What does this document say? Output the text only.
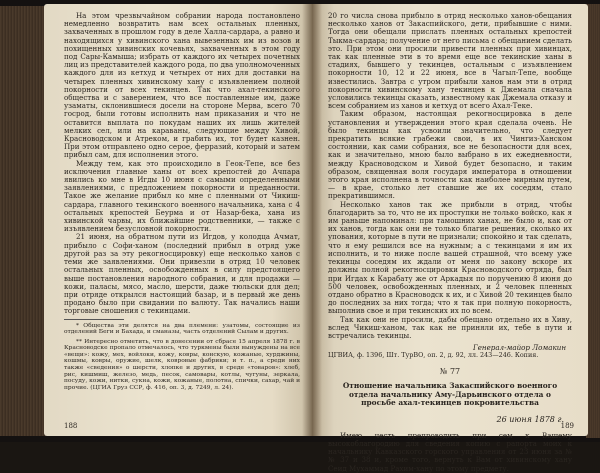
На этом чрезвычайном собрании народа постановлено немедленно возвратить нам всех остальных пленных, захваченных в прошлом году в деле Халла-сардара, а равно и находящихся у хивинского хана вывезенных им из возов и похищенных хивинских кочевьях, захваченных в этом году под Сары-Камыша; избрать от каждого их четырех почетных лиц из представителей каждого рода, по два уполномоченных каждого для из кетхуд и четырех от них для доставки на четырех пленных хивинскому хану с изъявлением полной покорности от всех текинцев. Так что ахал-текинского общества и с заверением, что все поставленные им, даже узаматы, склонившиеся досели на стороне Мерва, всего 70 госрод, были готовы исполнить нам приказания и что не оставится выплата по покудам наших их лишь жителей мелких сел, или на караваны, следующие между Хивой, Красноводском и Атреком, и грабить их, тот будет казнен. При этом отправлено одно серое, ферразий, который и затем прибыл сам, для исполнения этого.

Между тем, как это происходило в Геок-Тепе, все без исключения главные ханы от всех крепостей до Ачпара явились ко мне в Игды 10 июня с самыми определенными заявлениями, с предложением покорности и преданности. Такое же желание прибыл ко мне с пленными от Чикиш-сардара, главного текинского военного начальника, хана с 4 остальных крепостей Беурма и от Назар-бека, хана из хивинской чарвы, их ближайшие родственники, — также с изъявлением безусловной покорности.

21 июня, на обратном пути из Игдов, у колодца Ачмат, прибыло с Софи-ханом (последний прибыл в отряд уже другой раз за эту рекогносцировку) еще несколько ханов с теми же заявлениями. Они привезли в отряд 10 человек остальных пленных, освобожденных в силу предстоящего выше постановления народного собрания, и для продажи — кожи, паласы, мясо, масло, шерсти, даже тюльски для дел; при отряде открылся настоящий базар, и в первый же день продано было при свидании по валюту. Так начались наши торговые сношения с текинцами.

* Общества эти делятся на два племени: узатомы, состоящие из отделений Беги и Бахада, и сманазы, часть отделений Сылам и других.

** Интересно отметить, что в донесении от сбрасе 15 апреля 1878 г. в Красноводске пропало отмечалось, что туркмены были вынуждены на все «вещи»: кожу, мех, войлоки, кожу, ковры, конскую, кожаные, хурджины, кошмы, ковры, оружие, шелк, ковровые фабрики; и т. п., а среди них также «сведения» о шерсти, хлопке и других, в среде «товаров»: хлеб, рис, кишмиш, железо, медь, песок, самовары, котлы, чугуны, зеркала, посуду, кожи, нитки, сукна, кожи, кожаные, полотна, спички, сахар, чай и прочие. (ЦГИА Груз ССР, ф. 416, оп. 3, д. 7249, л. 24).

188

20 го числа снова прибыло в отряд несколько ханов-обещания несколько ханов от Закаспийского, дети, прибывшие с ними. Тогда они обещали прислать пленных остальных крепостей Тыкма-сардара; получение от него письма с обещанием сделать это. При этом они просили привести пленных при хивинцах, так как пленные эти в то время еще все текинские ханы в стадиях, бывшего у текинцев, остальным с изъявлением покорности 10, 12 и 22 июня, все в Чагыл-Тепе, вообще известились. Завтра с утром прибыли ханов нам эти в отряд покорности хивинскому хану текинцев к Джемала сначала условились текинцы сказать, известному как Джемала отказу и всем собранием из ханов и кетхуд от всего Ахал-Теке.

Таким образом, настоящая рекогносцировка в деле установления и утверждения этого края сделала очень. Не было текинцы как усвоили значительно, что следует прекратить всякие грабежи свои, в их Чингиз-Ханском состоянии, как сами собрания, все не безопасности для всех, как и значительно, мною было выбрано в их ежедневности, между Красноводском и Хивой будет безопасно, и таким образом, священная воля государя императора в отношении этого края исполнена в точности как наиболее мирным путем, — в крае, столько лет ставшие же их соседям, стало прекратившимся.

Несколько ханов так же прибыли в отряд, чтобы благодарить за то, что не их проступки не только войско, как я им раньше напоминал: при тамошних ханах, не было и, как от их ханов, тогда как они не только благие решения, сколько их упования, которые в пути не признали; спокойно и так сделать, что я ему решился все на нужным; а с текинцами я им их исполнить, и то ниже после вашей страшной, что всему уже текинцы соседям их ждали от меня по закону вскоре их должны полной рекогносцировки Красноводского отряда, был при Игдах к Карабату же от Аркадыя по поручению 8 июня до 500 человек, освобожденных пленных, и 2 человек пленных отдано обратно в Красноводск к их, и с Хивой 20 текинцев было до последних за них тогда; что я так при полную покорность, выполнив свое и при текинских их по всем.

Так как они не просили, дабы обещано отдельно их в Хиву, вслед Чикиш-ханом, так как не приняли их, тебе в пути и встречались текинцы.

Генерал-майор Ломакин

ЦГВИА, ф. 1396, Шт. ТурВО, оп. 2, д. 92, лл. 243—246. Копия.

№ 77

Отношение начальника Закаспийского военного отдела начальнику Аму-Дарьинского отдела о просьбе ахал-текинцев покровительства

26 июня 1878 г.

Имею честь препроводить при сем к Вашему высокоблагородию для сведения копию с рапорта моих к начальнику Кавказского горского управления от 23 июня за №№ 37 и 38 и, кроме того, вернуть к Вам от хивинскому хану Сеид Мухаммад Рахим-хану по этому предмету.

189
